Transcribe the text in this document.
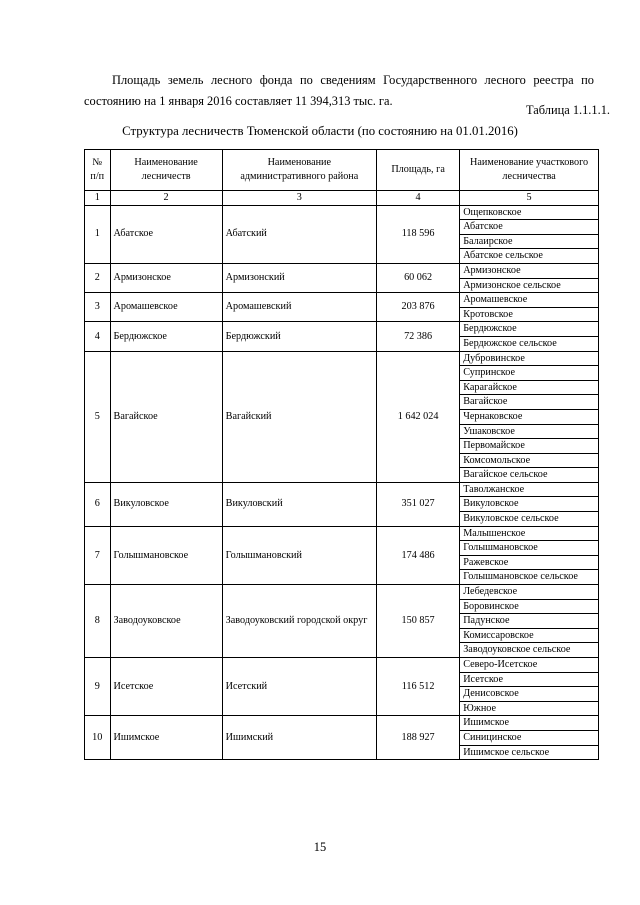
Площадь земель лесного фонда по сведениям Государственного лесного реестра по состоянию на 1 января 2016 составляет 11 394,313 тыс. га.

Таблица 1.1.1.1.
Структура лесничеств Тюменской области (по состоянию на 01.01.2016)
№ п/п	Наименование лесничеств	Наименование административного района	Площадь, га	Наименование участкового лесничества
1	2	3	4	5
1	Абатское	Абатский	118 596	Ощепковское
				Абатское
				Балаирское
				Абатское сельское
2	Армизонское	Армизонский	60 062	Армизонское
				Армизонское сельское
3	Аромашевское	Аромашевский	203 876	Аромашевское
				Кротовское
4	Бердюжское	Бердюжский	72 386	Бердюжское
				Бердюжское сельское
5	Вагайское	Вагайский	1 642 024	Дубровинское
				Супринское
				Карагайское
				Вагайское
				Чернаковское
				Ушаковское
				Первомайское
				Комсомольское
				Вагайское сельское
6	Викуловское	Викуловский	351 027	Таволжанское
				Викуловское
				Викуловское сельское
7	Голышмановское	Голышмановский	174 486	Малышенское
				Голышмановское
				Ражевское
				Голышмановское сельское
8	Заводоуковское	Заводоуковский городской округ	150 857	Лебедевское
				Боровинское
				Падунское
				Комиссаровское
				Заводоуковское сельское
9	Исетское	Исетский	116 512	Северо-Исетское
				Исетское
				Денисовское
				Южное
10	Ишимское	Ишимский	188 927	Ишимское
				Синицинское
				Ишимское сельское
15
